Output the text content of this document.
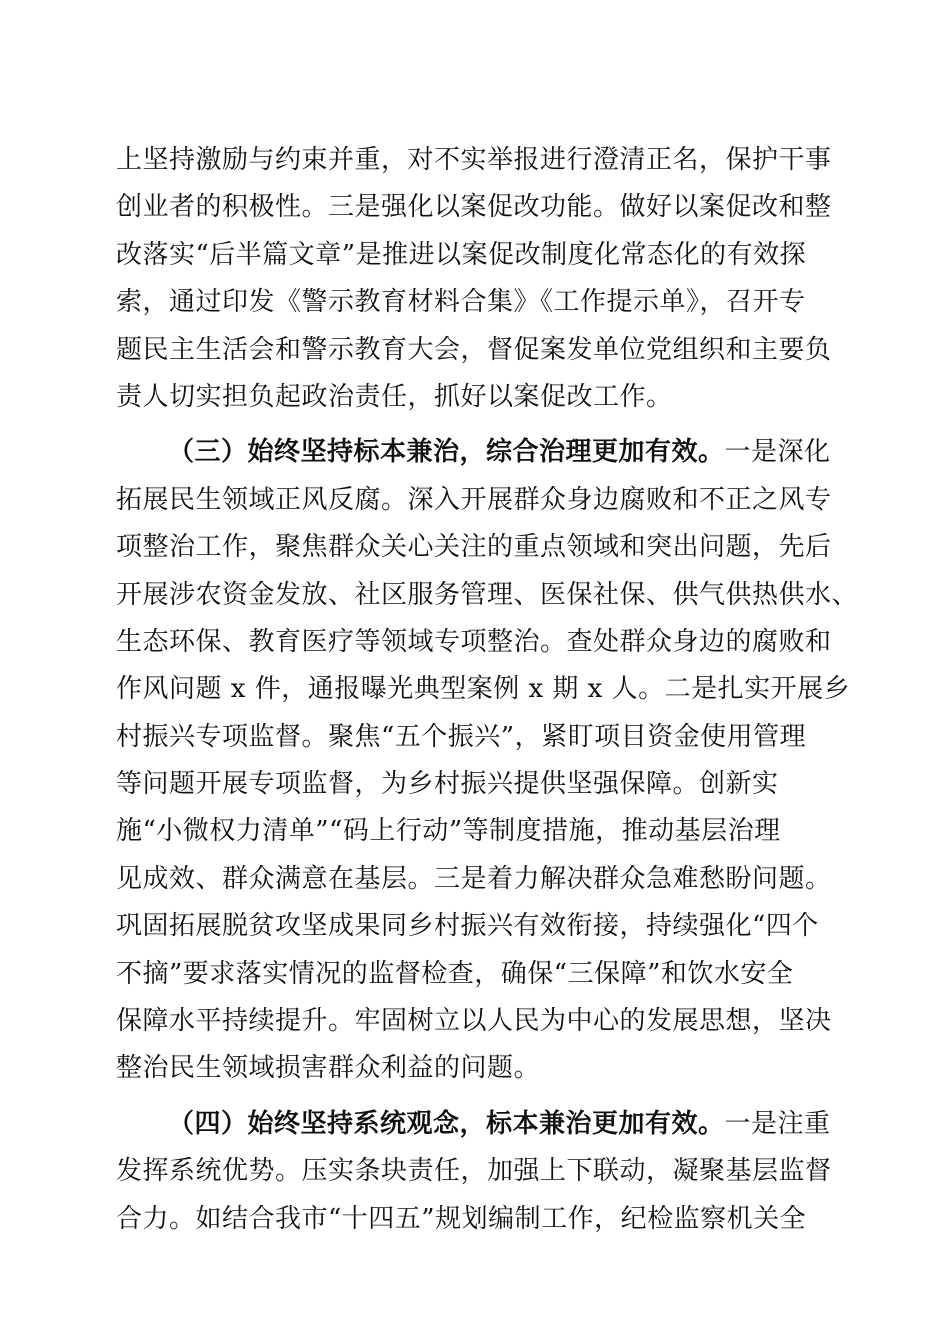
上坚持激励与约束并重，对不实举报进行澄清正名，保护干事
创业者的积极性。三是强化以案促改功能。做好以案促改和整
改落实“后半篇文章”是推进以案促改制度化常态化的有效探
索，通过印发《警示教育材料合集》《工作提示单》，召开专
题民主生活会和警示教育大会，督促案发单位党组织和主要负
责人切实担负起政治责任，抓好以案促改工作。
（三）始终坚持标本兼治，综合治理更加有效。一是深化
拓展民生领域正风反腐。深入开展群众身边腐败和不正之风专
项整治工作，聚焦群众关心关注的重点领域和突出问题，先后
开展涉农资金发放、社区服务管理、医保社保、供气供热供水、
生态环保、教育医疗等领域专项整治。查处群众身边的腐败和
作风问题 x 件，通报曝光典型案例 x 期 x 人。二是扎实开展乡
村振兴专项监督。聚焦“五个振兴”，紧盯项目资金使用管理
等问题开展专项监督，为乡村振兴提供坚强保障。创新实
施“小微权力清单”“码上行动”等制度措施，推动基层治理
见成效、群众满意在基层。三是着力解决群众急难愁盼问题。
巩固拓展脱贫攻坚成果同乡村振兴有效衔接，持续强化“四个
不摘”要求落实情况的监督检查，确保“三保障”和饮水安全
保障水平持续提升。牢固树立以人民为中心的发展思想，坚决
整治民生领域损害群众利益的问题。
（四）始终坚持系统观念，标本兼治更加有效。一是注重
发挥系统优势。压实条块责任，加强上下联动，凝聚基层监督
合力。如结合我市“十四五”规划编制工作，纪检监察机关全
